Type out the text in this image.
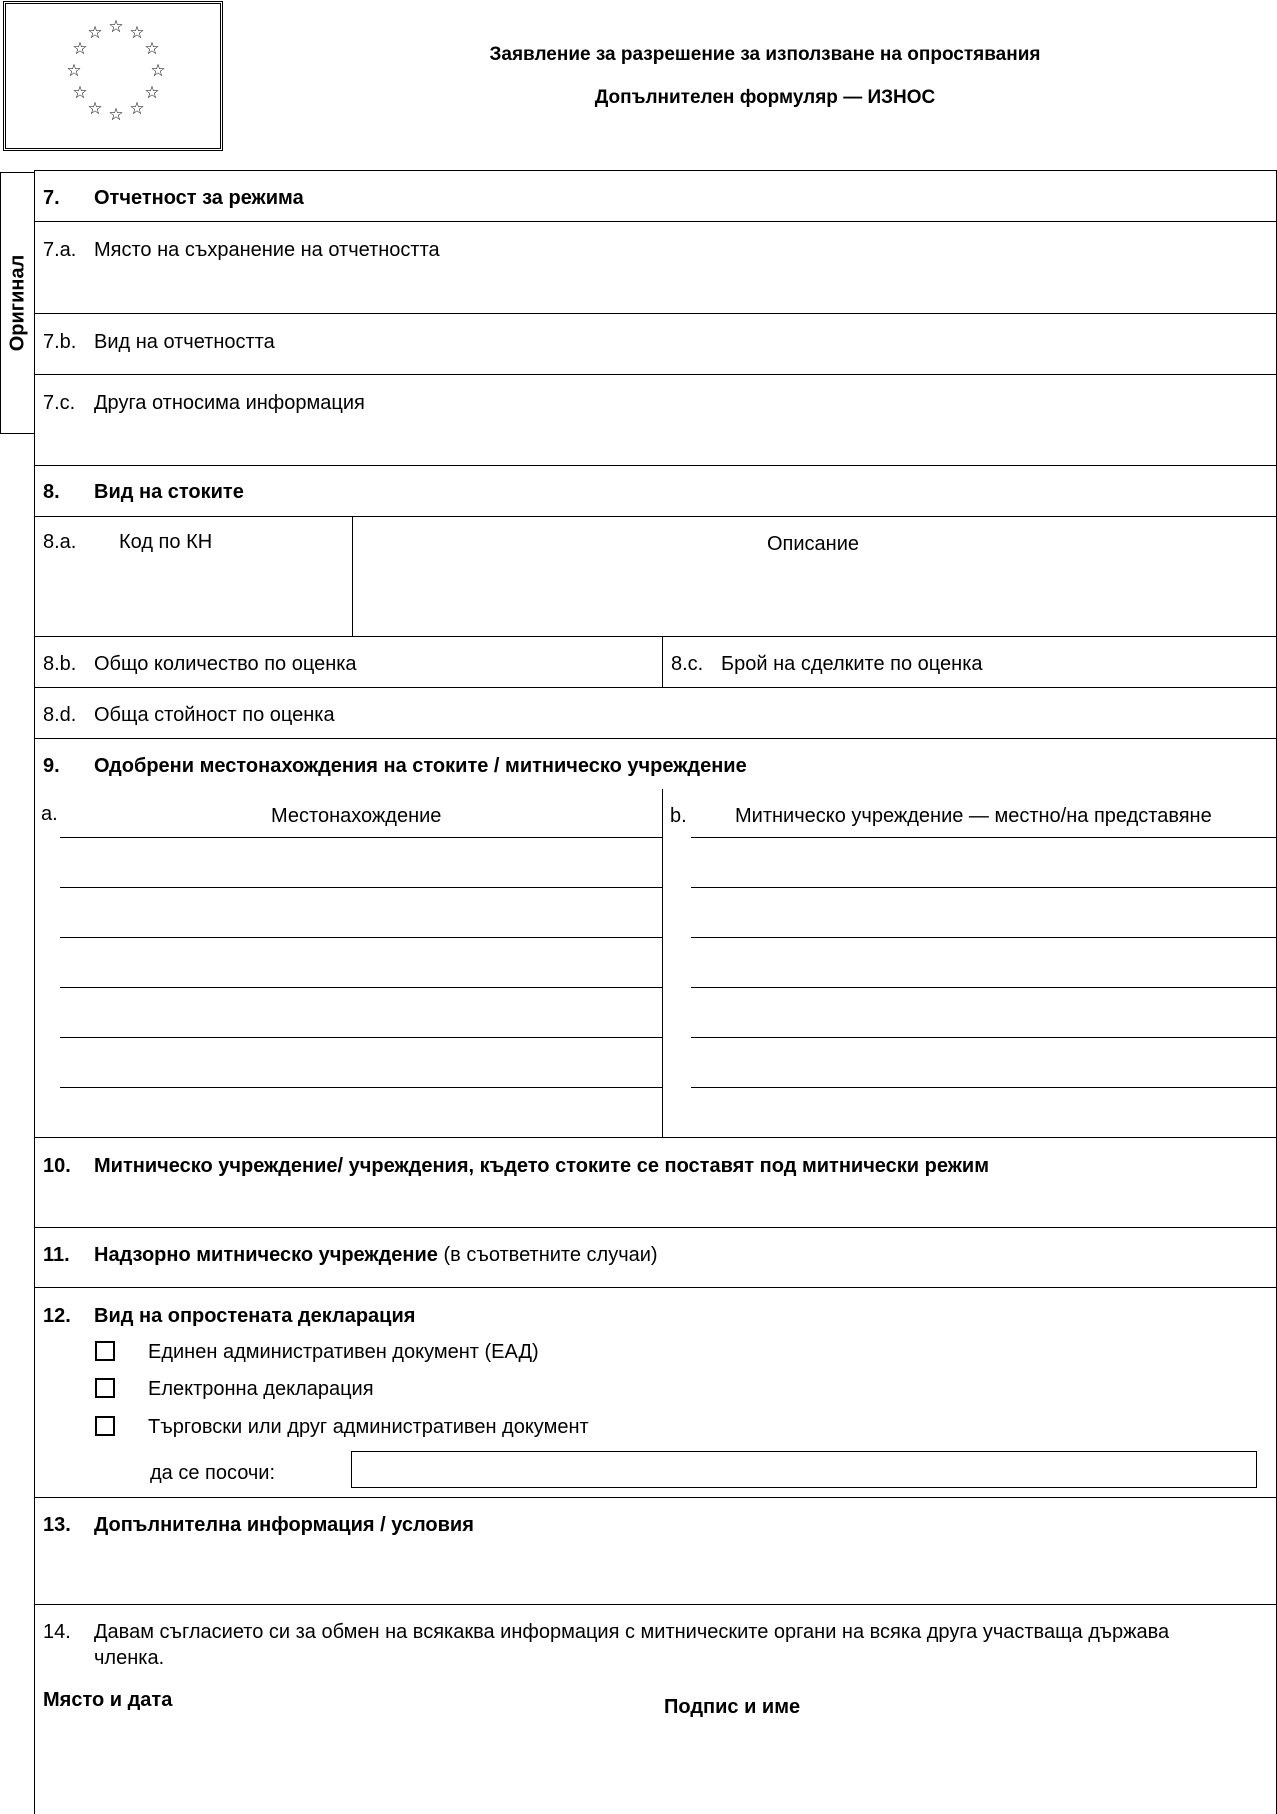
☆ ☆
☆
☆
☆
☆
☆
☆
☆
☆
☆
☆
Заявление за разрешение за използване на опростявания
Допълнителен формуляр — ИЗНОС
Оригинал
7. Отчетност за режима
7.a. Място на съхранение на отчетността
7.b. Вид на отчетността
7.c. Друга относима информация
8. Вид на стоките
8.a. Код по КН	Описание
8.b. Общо количество по оценка	8.c. Брой на сделките по оценка
8.d. Обща стойност по оценка
9. Одобрени местонахождения на стоките / митническо учреждение
a.	Местонахождение	b. Митническо учреждение — местно/на представяне
10. Митническо учреждение/ учреждения, където стоките се поставят под митнически режим
11. Надзорно митническо учреждение (в съответните случаи)
12. Вид на опростената декларация
Единен административен документ (ЕАД)
Електронна декларация
Търговски или друг административен документ
да се посочи:
13. Допълнителна информация / условия
14. Давам съгласието си за обмен на всякаква информация с митническите органи на всяка друга участваща държава
членка.
Място и дата	Подпис и име
